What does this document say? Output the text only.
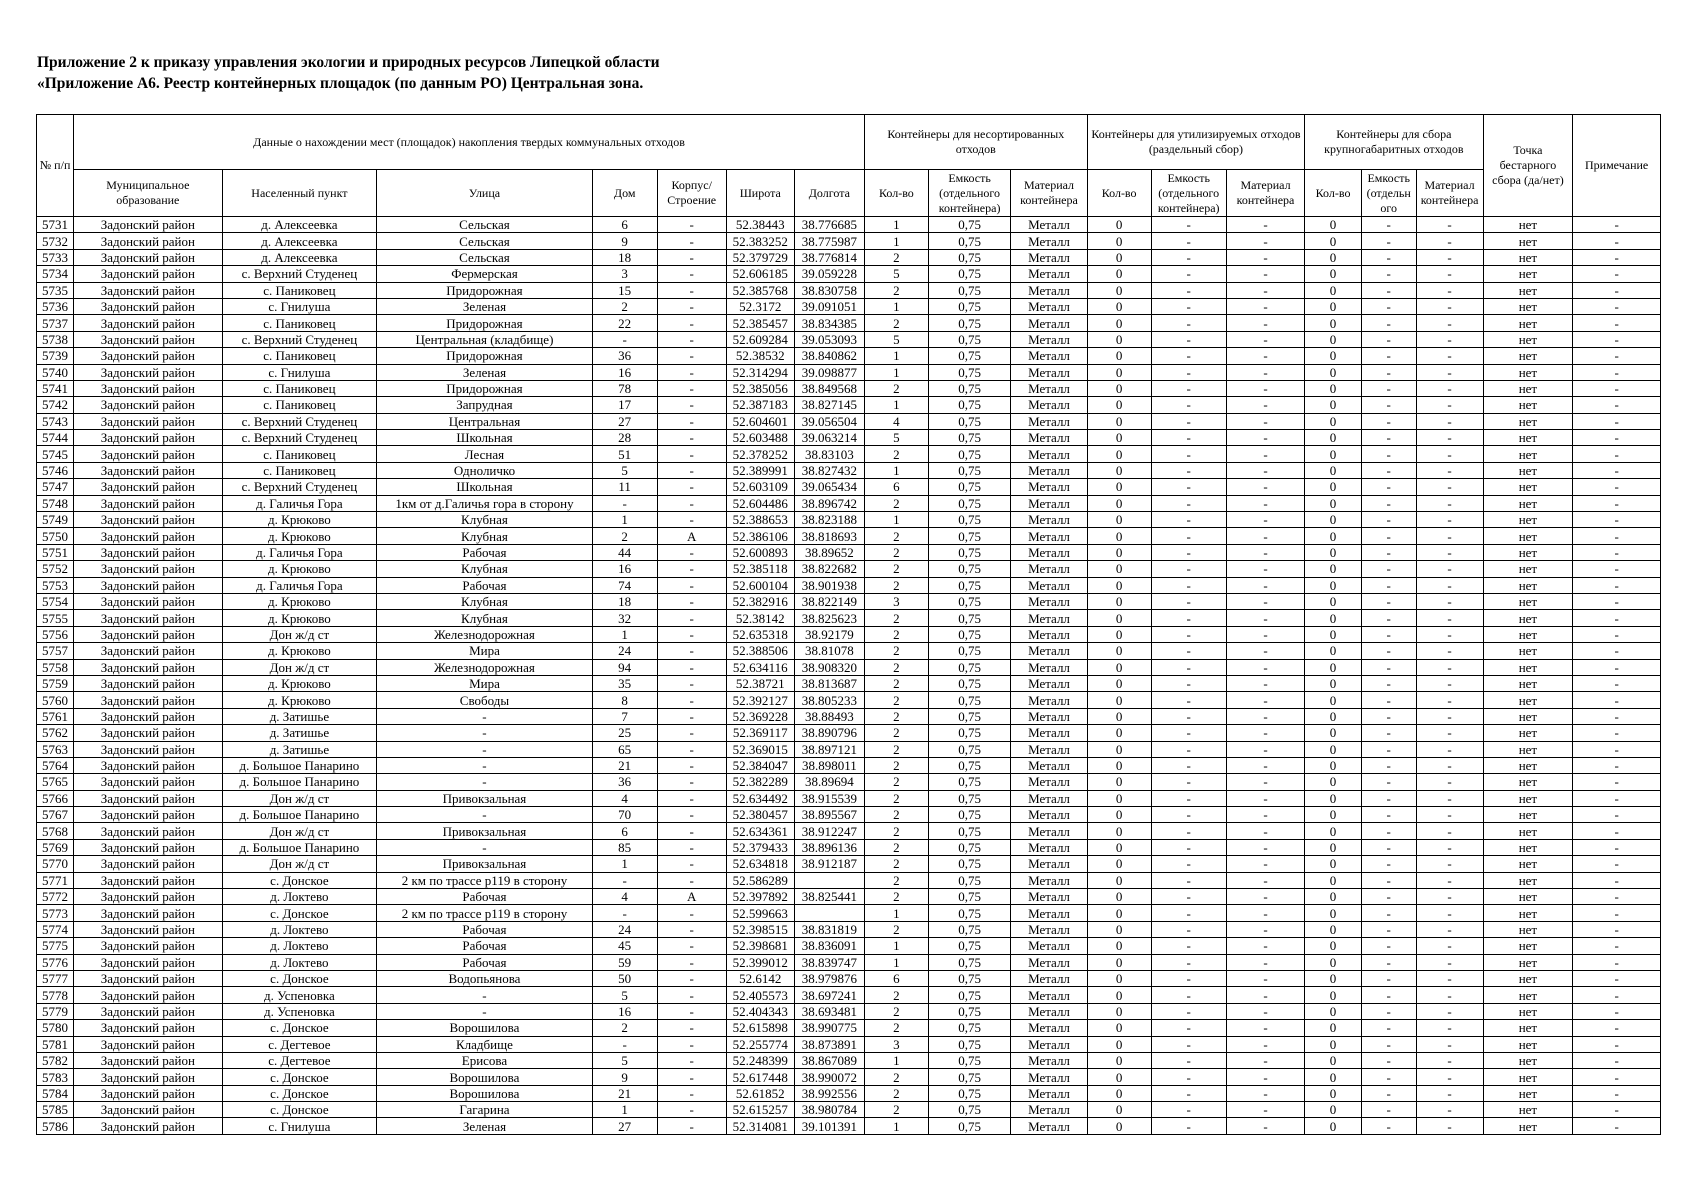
Приложение 2 к приказу управления экологии и природных ресурсов Липецкой области
«Приложение А6. Реестр контейнерных площадок (по данным РО) Центральная зона.
№ п/п	Данные о нахождении мест (площадок) накопления твердых коммунальных отходов							Контейнеры для несортированных отходов			Контейнеры для утилизируемых отходов (раздельный сбор)			Контейнеры для сбора крупногабаритных отходов			Точка бестарного сбора (да/нет)	Примечание
	Муниципальное образование	Населенный пункт	Улица	Дом	Корпус/ Строение	Широта	Долгота	Кол-во	Емкость (отдельного контейнера)	Материал контейнера	Кол-во	Емкость (отдельного контейнера)	Материал контейнера	Кол-во	Емкость (отдельн ого	Материал контейнера		
5731	Задонский район	д. Алексеевка	Сельская	6	-	52.38443	38.776685	1	0,75	Металл	0	-	-	0	-	-	нет	-
5732	Задонский район	д. Алексеевка	Сельская	9	-	52.383252	38.775987	1	0,75	Металл	0	-	-	0	-	-	нет	-
5733	Задонский район	д. Алексеевка	Сельская	18	-	52.379729	38.776814	2	0,75	Металл	0	-	-	0	-	-	нет	-
5734	Задонский район	с. Верхний Студенец	Фермерская	3	-	52.606185	39.059228	5	0,75	Металл	0	-	-	0	-	-	нет	-
5735	Задонский район	с. Паниковец	Придорожная	15	-	52.385768	38.830758	2	0,75	Металл	0	-	-	0	-	-	нет	-
5736	Задонский район	с. Гнилуша	Зеленая	2	-	52.3172	39.091051	1	0,75	Металл	0	-	-	0	-	-	нет	-
5737	Задонский район	с. Паниковец	Придорожная	22	-	52.385457	38.834385	2	0,75	Металл	0	-	-	0	-	-	нет	-
5738	Задонский район	с. Верхний Студенец	Центральная (кладбище)	-	-	52.609284	39.053093	5	0,75	Металл	0	-	-	0	-	-	нет	-
5739	Задонский район	с. Паниковец	Придорожная	36	-	52.38532	38.840862	1	0,75	Металл	0	-	-	0	-	-	нет	-
5740	Задонский район	с. Гнилуша	Зеленая	16	-	52.314294	39.098877	1	0,75	Металл	0	-	-	0	-	-	нет	-
5741	Задонский район	с. Паниковец	Придорожная	78	-	52.385056	38.849568	2	0,75	Металл	0	-	-	0	-	-	нет	-
5742	Задонский район	с. Паниковец	Запрудная	17	-	52.387183	38.827145	1	0,75	Металл	0	-	-	0	-	-	нет	-
5743	Задонский район	с. Верхний Студенец	Центральная	27	-	52.604601	39.056504	4	0,75	Металл	0	-	-	0	-	-	нет	-
5744	Задонский район	с. Верхний Студенец	Школьная	28	-	52.603488	39.063214	5	0,75	Металл	0	-	-	0	-	-	нет	-
5745	Задонский район	с. Паниковец	Лесная	51	-	52.378252	38.83103	2	0,75	Металл	0	-	-	0	-	-	нет	-
5746	Задонский район	с. Паниковец	Одноличко	5	-	52.389991	38.827432	1	0,75	Металл	0	-	-	0	-	-	нет	-
5747	Задонский район	с. Верхний Студенец	Школьная	11	-	52.603109	39.065434	6	0,75	Металл	0	-	-	0	-	-	нет	-
5748	Задонский район	д. Галичья Гора	1км от д.Галичья гора в сторону	-	-	52.604486	38.896742	2	0,75	Металл	0	-	-	0	-	-	нет	-
5749	Задонский район	д. Крюково	Клубная	1	-	52.388653	38.823188	1	0,75	Металл	0	-	-	0	-	-	нет	-
5750	Задонский район	д. Крюково	Клубная	2	А	52.386106	38.818693	2	0,75	Металл	0	-	-	0	-	-	нет	-
5751	Задонский район	д. Галичья Гора	Рабочая	44	-	52.600893	38.89652	2	0,75	Металл	0	-	-	0	-	-	нет	-
5752	Задонский район	д. Крюково	Клубная	16	-	52.385118	38.822682	2	0,75	Металл	0	-	-	0	-	-	нет	-
5753	Задонский район	д. Галичья Гора	Рабочая	74	-	52.600104	38.901938	2	0,75	Металл	0	-	-	0	-	-	нет	-
5754	Задонский район	д. Крюково	Клубная	18	-	52.382916	38.822149	3	0,75	Металл	0	-	-	0	-	-	нет	-
5755	Задонский район	д. Крюково	Клубная	32	-	52.38142	38.825623	2	0,75	Металл	0	-	-	0	-	-	нет	-
5756	Задонский район	Дон ж/д ст	Железнодорожная	1	-	52.635318	38.92179	2	0,75	Металл	0	-	-	0	-	-	нет	-
5757	Задонский район	д. Крюково	Мира	24	-	52.388506	38.81078	2	0,75	Металл	0	-	-	0	-	-	нет	-
5758	Задонский район	Дон ж/д ст	Железнодорожная	94	-	52.634116	38.908320	2	0,75	Металл	0	-	-	0	-	-	нет	-
5759	Задонский район	д. Крюково	Мира	35	-	52.38721	38.813687	2	0,75	Металл	0	-	-	0	-	-	нет	-
5760	Задонский район	д. Крюково	Свободы	8	-	52.392127	38.805233	2	0,75	Металл	0	-	-	0	-	-	нет	-
5761	Задонский район	д. Затишье	-	7	-	52.369228	38.88493	2	0,75	Металл	0	-	-	0	-	-	нет	-
5762	Задонский район	д. Затишье	-	25	-	52.369117	38.890796	2	0,75	Металл	0	-	-	0	-	-	нет	-
5763	Задонский район	д. Затишье	-	65	-	52.369015	38.897121	2	0,75	Металл	0	-	-	0	-	-	нет	-
5764	Задонский район	д. Большое Панарино	-	21	-	52.384047	38.898011	2	0,75	Металл	0	-	-	0	-	-	нет	-
5765	Задонский район	д. Большое Панарино	-	36	-	52.382289	38.89694	2	0,75	Металл	0	-	-	0	-	-	нет	-
5766	Задонский район	Дон ж/д ст	Привокзальная	4	-	52.634492	38.915539	2	0,75	Металл	0	-	-	0	-	-	нет	-
5767	Задонский район	д. Большое Панарино	-	70	-	52.380457	38.895567	2	0,75	Металл	0	-	-	0	-	-	нет	-
5768	Задонский район	Дон ж/д ст	Привокзальная	6	-	52.634361	38.912247	2	0,75	Металл	0	-	-	0	-	-	нет	-
5769	Задонский район	д. Большое Панарино	-	85	-	52.379433	38.896136	2	0,75	Металл	0	-	-	0	-	-	нет	-
5770	Задонский район	Дон ж/д ст	Привокзальная	1	-	52.634818	38.912187	2	0,75	Металл	0	-	-	0	-	-	нет	-
5771	Задонский район	с. Донское	2 км по трассе р119 в сторону	-	-	52.586289		2	0,75	Металл	0	-	-	0	-	-	нет	-
5772	Задонский район	д. Локтево	Рабочая	4	А	52.397892	38.825441	2	0,75	Металл	0	-	-	0	-	-	нет	-
5773	Задонский район	с. Донское	2 км по трассе р119 в сторону	-	-	52.599663		1	0,75	Металл	0	-	-	0	-	-	нет	-
5774	Задонский район	д. Локтево	Рабочая	24	-	52.398515	38.831819	2	0,75	Металл	0	-	-	0	-	-	нет	-
5775	Задонский район	д. Локтево	Рабочая	45	-	52.398681	38.836091	1	0,75	Металл	0	-	-	0	-	-	нет	-
5776	Задонский район	д. Локтево	Рабочая	59	-	52.399012	38.839747	1	0,75	Металл	0	-	-	0	-	-	нет	-
5777	Задонский район	с. Донское	Водопьянова	50	-	52.6142	38.979876	6	0,75	Металл	0	-	-	0	-	-	нет	-
5778	Задонский район	д. Успеновка	-	5	-	52.405573	38.697241	2	0,75	Металл	0	-	-	0	-	-	нет	-
5779	Задонский район	д. Успеновка	-	16	-	52.404343	38.693481	2	0,75	Металл	0	-	-	0	-	-	нет	-
5780	Задонский район	с. Донское	Ворошилова	2	-	52.615898	38.990775	2	0,75	Металл	0	-	-	0	-	-	нет	-
5781	Задонский район	с. Дегтевое	Кладбище	-	-	52.255774	38.873891	3	0,75	Металл	0	-	-	0	-	-	нет	-
5782	Задонский район	с. Дегтевое	Ерисова	5	-	52.248399	38.867089	1	0,75	Металл	0	-	-	0	-	-	нет	-
5783	Задонский район	с. Донское	Ворошилова	9	-	52.617448	38.990072	2	0,75	Металл	0	-	-	0	-	-	нет	-
5784	Задонский район	с. Донское	Ворошилова	21	-	52.61852	38.992556	2	0,75	Металл	0	-	-	0	-	-	нет	-
5785	Задонский район	с. Донское	Гагарина	1	-	52.615257	38.980784	2	0,75	Металл	0	-	-	0	-	-	нет	-
5786	Задонский район	с. Гнилуша	Зеленая	27	-	52.314081	39.101391	1	0,75	Металл	0	-	-	0	-	-	нет	-
